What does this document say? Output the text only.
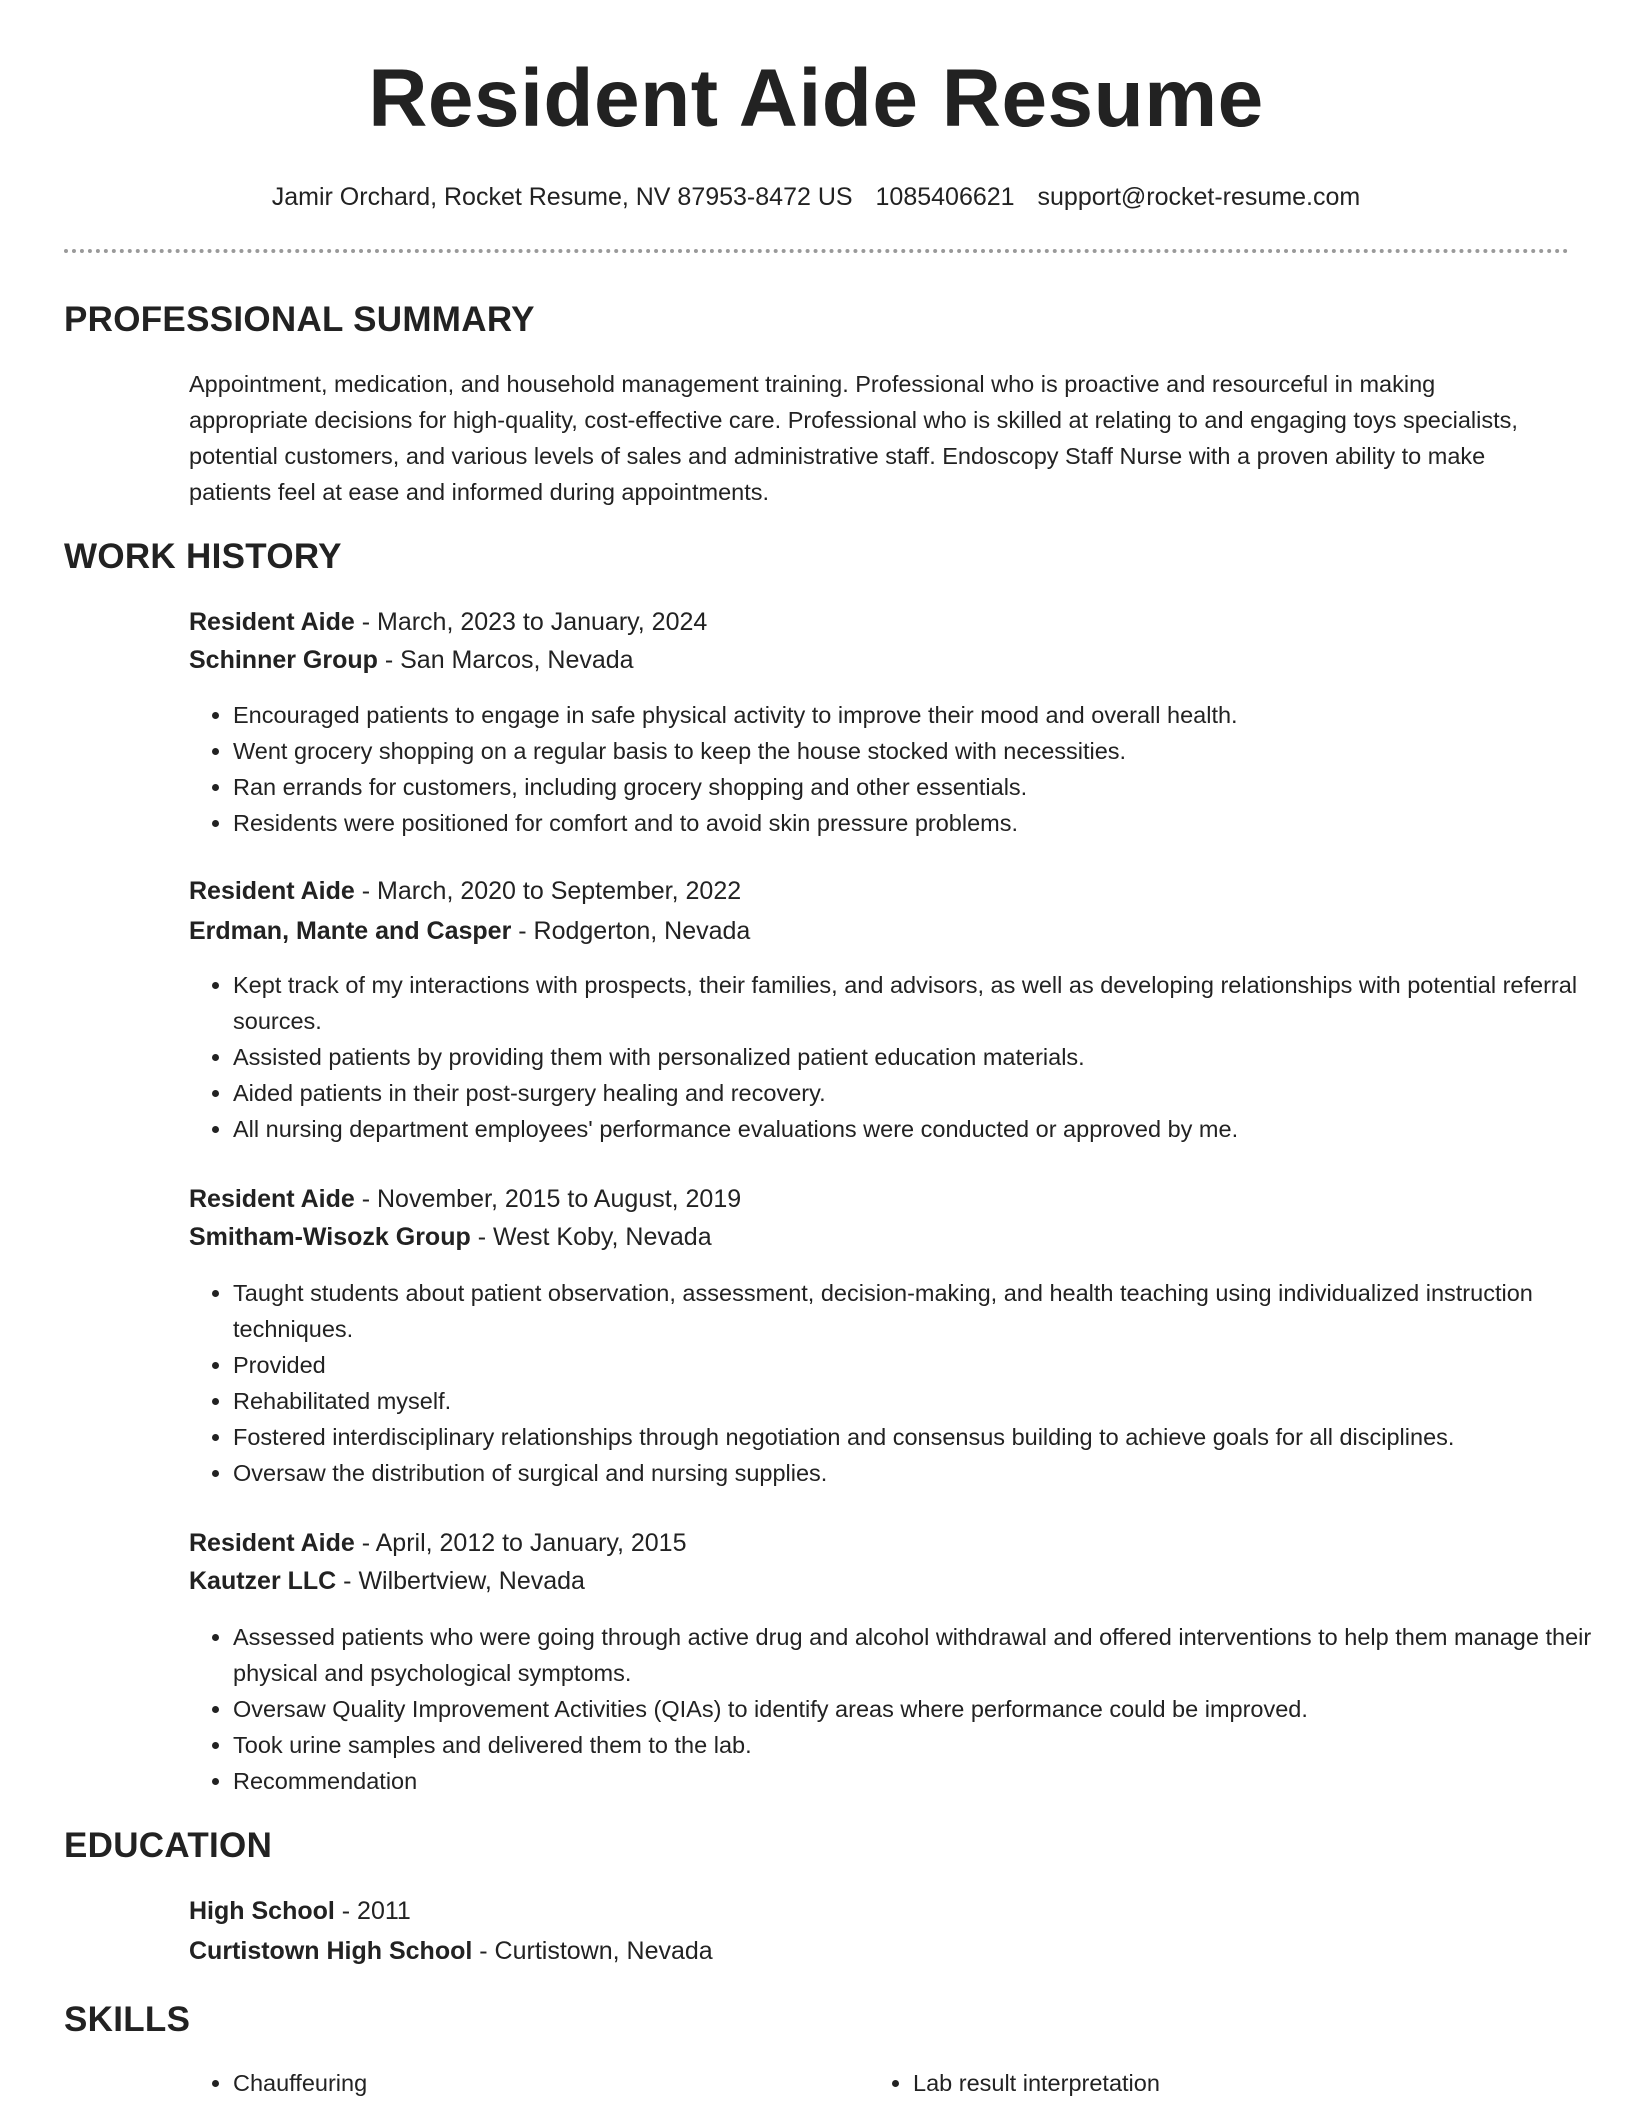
Resident Aide Resume
Jamir Orchard, Rocket Resume, NV 87953-8472 US 1085406621 support@rocket-resume.com
PROFESSIONAL SUMMARY
Appointment, medication, and household management training. Professional who is proactive and resourceful in making appropriate decisions for high-quality, cost-effective care. Professional who is skilled at relating to and engaging toys specialists, potential customers, and various levels of sales and administrative staff. Endoscopy Staff Nurse with a proven ability to make patients feel at ease and informed during appointments.
WORK HISTORY
Resident Aide - March, 2023 to January, 2024
Schinner Group - San Marcos, Nevada
• Encouraged patients to engage in safe physical activity to improve their mood and overall health.
• Went grocery shopping on a regular basis to keep the house stocked with necessities.
• Ran errands for customers, including grocery shopping and other essentials.
• Residents were positioned for comfort and to avoid skin pressure problems.
Resident Aide - March, 2020 to September, 2022
Erdman, Mante and Casper - Rodgerton, Nevada
• Kept track of my interactions with prospects, their families, and advisors, as well as developing relationships with potential referral sources.
• Assisted patients by providing them with personalized patient education materials.
• Aided patients in their post-surgery healing and recovery.
• All nursing department employees' performance evaluations were conducted or approved by me.
Resident Aide - November, 2015 to August, 2019
Smitham-Wisozk Group - West Koby, Nevada
• Taught students about patient observation, assessment, decision-making, and health teaching using individualized instruction techniques.
• Provided
• Rehabilitated myself.
• Fostered interdisciplinary relationships through negotiation and consensus building to achieve goals for all disciplines.
• Oversaw the distribution of surgical and nursing supplies.
Resident Aide - April, 2012 to January, 2015
Kautzer LLC - Wilbertview, Nevada
• Assessed patients who were going through active drug and alcohol withdrawal and offered interventions to help them manage their physical and psychological symptoms.
• Oversaw Quality Improvement Activities (QIAs) to identify areas where performance could be improved.
• Took urine samples and delivered them to the lab.
• Recommendation
EDUCATION
High School - 2011
Curtistown High School - Curtistown, Nevada
SKILLS
• Chauffeuring
•	Lab result interpretation
